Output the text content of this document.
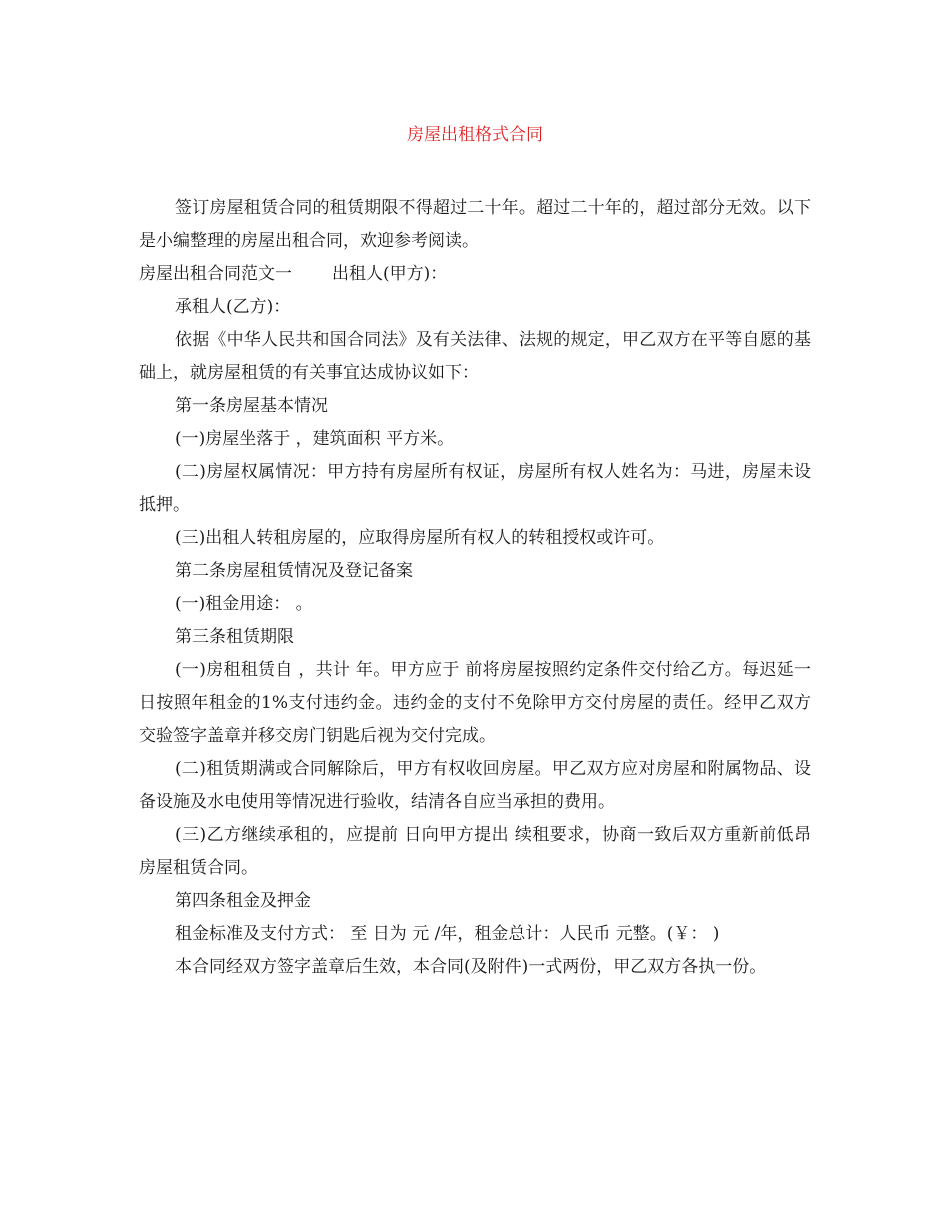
房屋出租格式合同

签订房屋租赁合同的租赁期限不得超过二十年。超过二十年的，超过部分无效。以下是小编整理的房屋出租合同，欢迎参考阅读。

房屋出租合同范文一 出租人(甲方)：

承租人(乙方)：

依据《中华人民共和国合同法》及有关法律、法规的规定，甲乙双方在平等自愿的基础上，就房屋租赁的有关事宜达成协议如下：

第一条房屋基本情况

(一)房屋坐落于 ，建筑面积 平方米。

(二)房屋权属情况：甲方持有房屋所有权证，房屋所有权人姓名为：马进，房屋未设抵押。

(三)出租人转租房屋的，应取得房屋所有权人的转租授权或许可。

第二条房屋租赁情况及登记备案

(一)租金用途： 。

第三条租赁期限

(一)房租租赁自 ，共计 年。甲方应于 前将房屋按照约定条件交付给乙方。每迟延一日按照年租金的1%支付违约金。违约金的支付不免除甲方交付房屋的责任。经甲乙双方交验签字盖章并移交房门钥匙后视为交付完成。

(二)租赁期满或合同解除后，甲方有权收回房屋。甲乙双方应对房屋和附属物品、设备设施及水电使用等情况进行验收，结清各自应当承担的费用。

(三)乙方继续承租的，应提前 日向甲方提出 续租要求，协商一致后双方重新前低昂房屋租赁合同。

第四条租金及押金

租金标准及支付方式： 至 日为 元 /年，租金总计：人民币 元整。(￥： )

本合同经双方签字盖章后生效，本合同(及附件)一式两份，甲乙双方各执一份。
